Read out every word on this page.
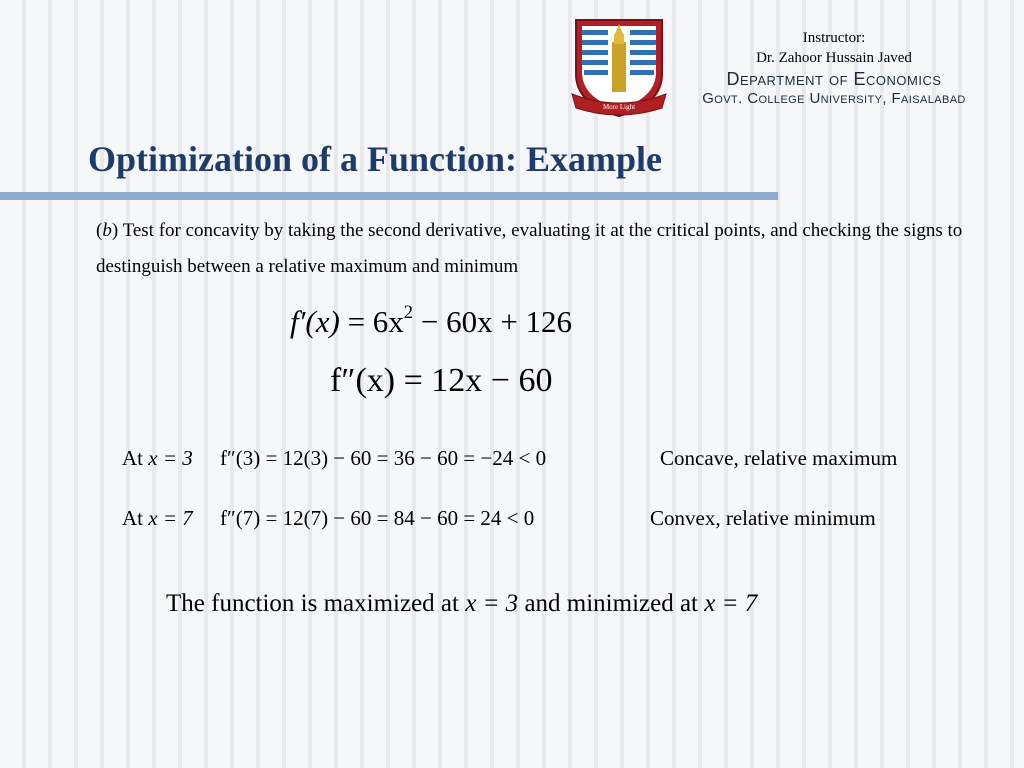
More Light
Instructor:
Dr. Zahoor Hussain Javed
Department of Economics
Govt. College University, Faisalabad
Optimization of a Function: Example
(b) Test for concavity by taking the second derivative, evaluating it at the critical points, and checking the signs to destinguish between a relative maximum and minimum
$f'(x) = 6x^2 - 60x + 126$
f″(x) = 12x − 60
At x = 3 f″(3) = 12(3) − 60 = 36 − 60 = −24 < 0	Concave, relative maximum
At x = 7 f″(7) = 12(7) − 60 = 84 − 60 = 24 < 0	Convex, relative minimum
The function is maximized at x = 3 and minimized at x = 7
